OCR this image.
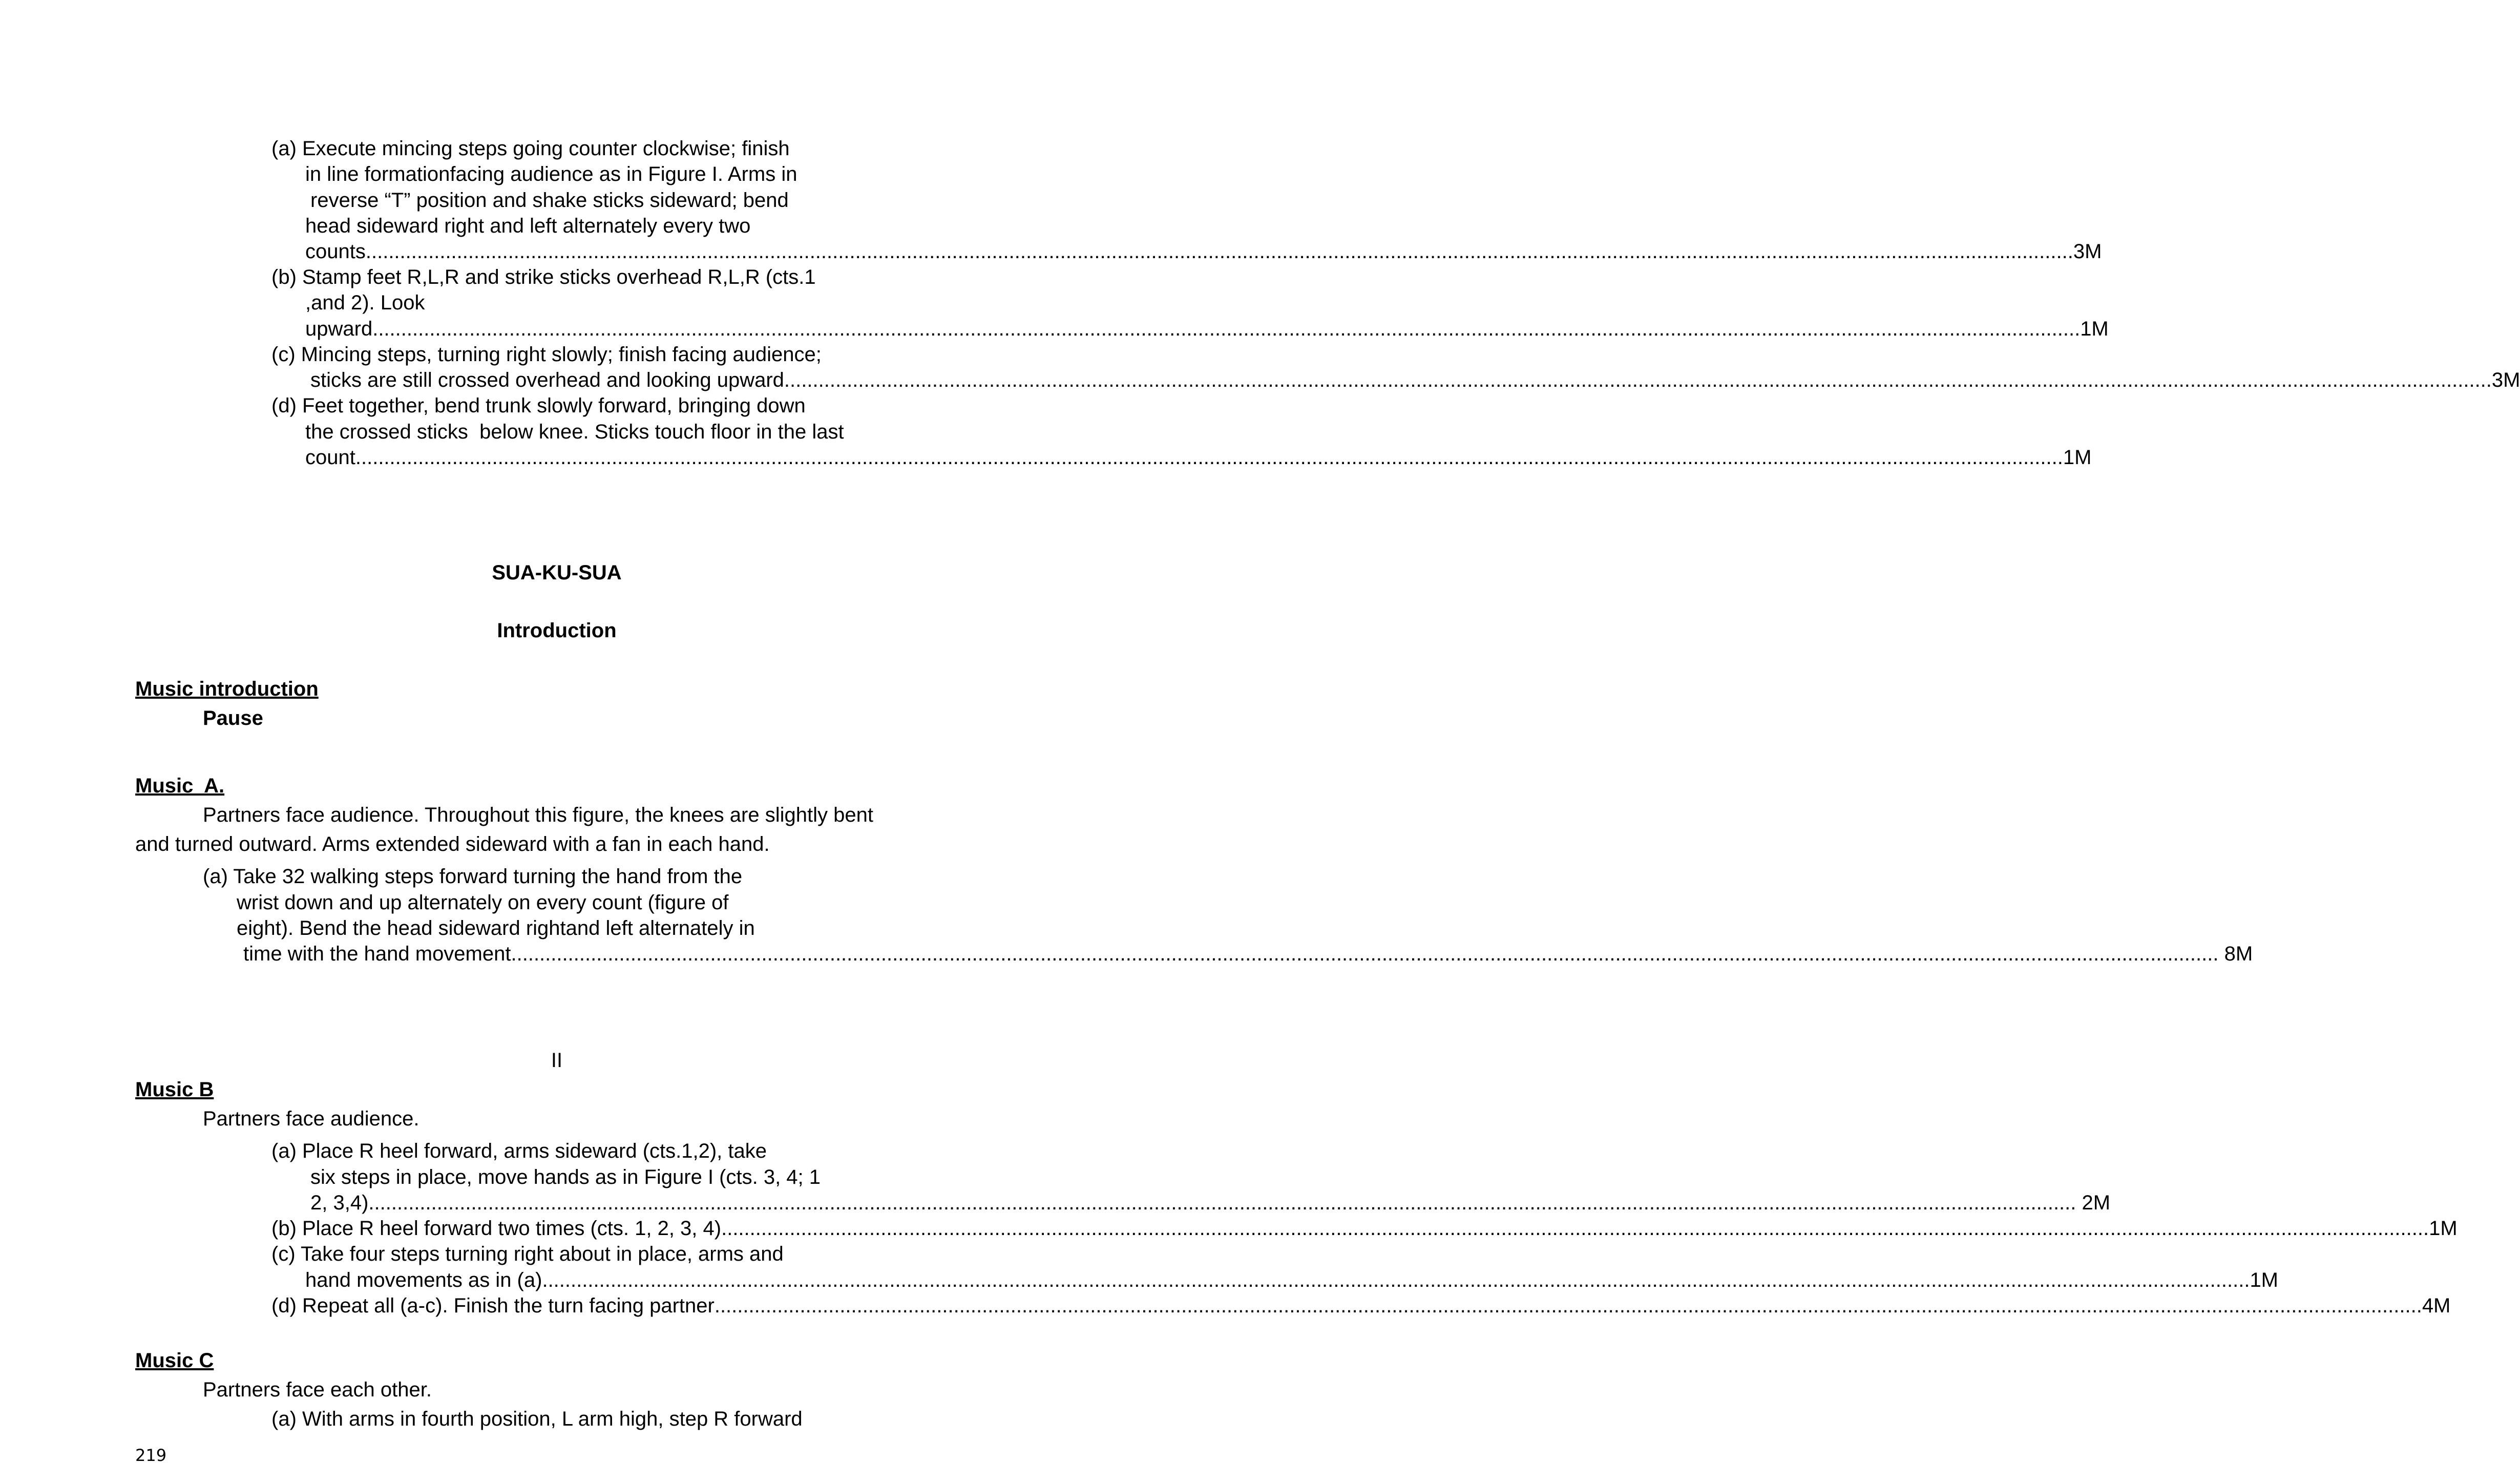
(a) Execute mincing steps going counter clockwise; finish
in line formationfacing audience as in Figure I. Arms in
reverse “T” position and shake sticks sideward; bend
head sideward right and left alternately every two
counts ............................................................................................................................................................................................................................................................................................................ 3M
(b) Stamp feet R,L,R and strike sticks overhead R,L,R (cts.1
,and 2). Look
upward ............................................................................................................................................................................................................................................................................................................ 1M
(c) Mincing steps, turning right slowly; finish facing audience;
sticks are still crossed overhead and looking upward ............................................................................................................................................................................................................................................................................................................ 3M
(d) Feet together, bend trunk slowly forward, bringing down
the crossed sticks  below knee. Sticks touch floor in the last
count ............................................................................................................................................................................................................................................................................................................ 1M
SUA-KU-SUA
Introduction
Music introduction
Pause
Music  A.
Partners face audience. Throughout this figure, the knees are slightly bent
and turned outward. Arms extended sideward with a fan in each hand.
(a) Take 32 walking steps forward turning the hand from the
wrist down and up alternately on every count (figure of
eight). Bend the head sideward rightand left alternately in
time with the hand movement ............................................................................................................................................................................................................................................................................................................ 8M
II
Music B
Partners face audience.
(a) Place R heel forward, arms sideward (cts.1,2), take
six steps in place, move hands as in Figure I (cts. 3, 4; 1
2, 3,4) ............................................................................................................................................................................................................................................................................................................ 2M
(b) Place R heel forward two times (cts. 1, 2, 3, 4) ............................................................................................................................................................................................................................................................................................................ 1M
(c) Take four steps turning right about in place, arms and
hand movements as in (a) ............................................................................................................................................................................................................................................................................................................ 1M
(d) Repeat all (a-c). Finish the turn facing partner ............................................................................................................................................................................................................................................................................................................ 4M
Music C
Partners face each other.
(a) With arms in fourth position, L arm high, step R forward
219
